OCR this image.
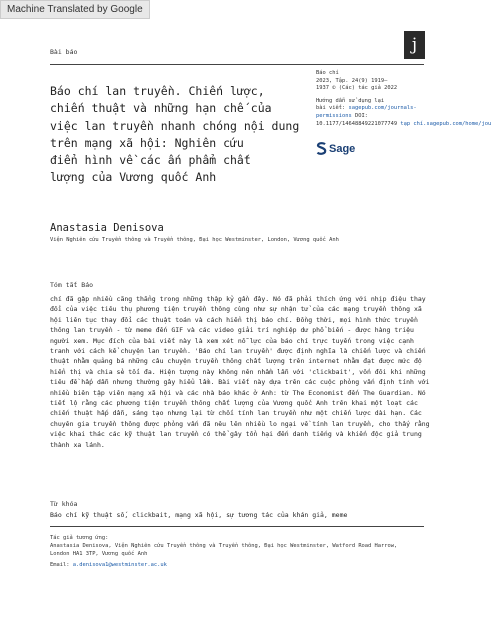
Machine Translated by Google
Bài báo	j
Báo chí lan truyền. Chiến lược,
chiến thuật và những hạn chế của
việc lan truyền nhanh chóng nội dung
trên mạng xã hội: Nghiên cứu
điển hình về các ấn phẩm chất
lượng của Vương quốc Anh
Báo chí
2023, Tập. 24(9) 1919–
1937 © (Các) tác giả 2022
Hướng dẫn sử dụng lại
bài viết: sagepub.com/journals-
permissions DOI:
10.1177/14648849221077749 tạp chí.sagepub.com/home/jou
Sage
Anastasia Denisova
Viện Nghiên cứu Truyền thông và Truyền thông, Đại học Westminster, London, Vương quốc Anh
Tóm tắt Báo
chí đã gặp nhiều căng thẳng trong những thập kỷ gần đây. Nó đã phải thích ứng với nhịp điệu thay đổi của việc tiêu thụ phương tiện truyền thông cùng như sự nhận tử của các mạng truyền thông xã hội liên tục thay đổi các thuật toán và cách hiển thị báo chí. Đồng thời, mọi hình thức truyền thông lan truyền - từ meme đến GIF và các video giải trí nghiệp dư phổ biến - được hàng triệu người xem. Mục đích của bài viết này là xem xét nỗ lực của báo chí trực tuyến trong việc cạnh tranh với cách kể chuyện lan truyền. 'Báo chí lan truyền' được định nghĩa là chiến lược và chiến thuật nhằm quảng bá những câu chuyện truyền thông chất lượng trên internet nhằm đạt được mức độ hiển thị và chia sẻ tối đa. Hiện tượng này không nên nhầm lẫn với 'clickbait', vốn đôi khi những tiêu đề hấp dẫn nhưng thường gây hiểu lầm. Bài viết này dựa trên các cuộc phỏng vấn định tính với nhiều biên tập viên mạng xã hội và các nhà báo khác ở Anh: từ The Economist đến The Guardian. Nó tiết lộ rằng các phương tiện truyền thông chất lượng của Vương quốc Anh trên khai một loạt các chiến thuật hấp dẫn, sáng tạo nhưng lại từ chối tính lan truyền như một chiến lược dài hạn. Các chuyên gia truyền thông được phỏng vấn đã nêu lên nhiều lo ngại về tính lan truyền, cho thấy rằng việc khai thác các kỹ thuật lan truyền có thể gây tổn hại đến danh tiếng và khiến độc giả trung thành xa lánh.
Từ khóa
Báo chí kỹ thuật số, clickbait, mạng xã hội, sự tương tác của khán giả, meme
Tác giả tương ứng:
Anastasia Denisova, Viện Nghiên cứu Truyền thông và Truyền thông, Đại học Westminster, Watford Road Harrow,
London HA1 3TP, Vương quốc Anh
Email: a.denisova1@westminster.ac.uk
